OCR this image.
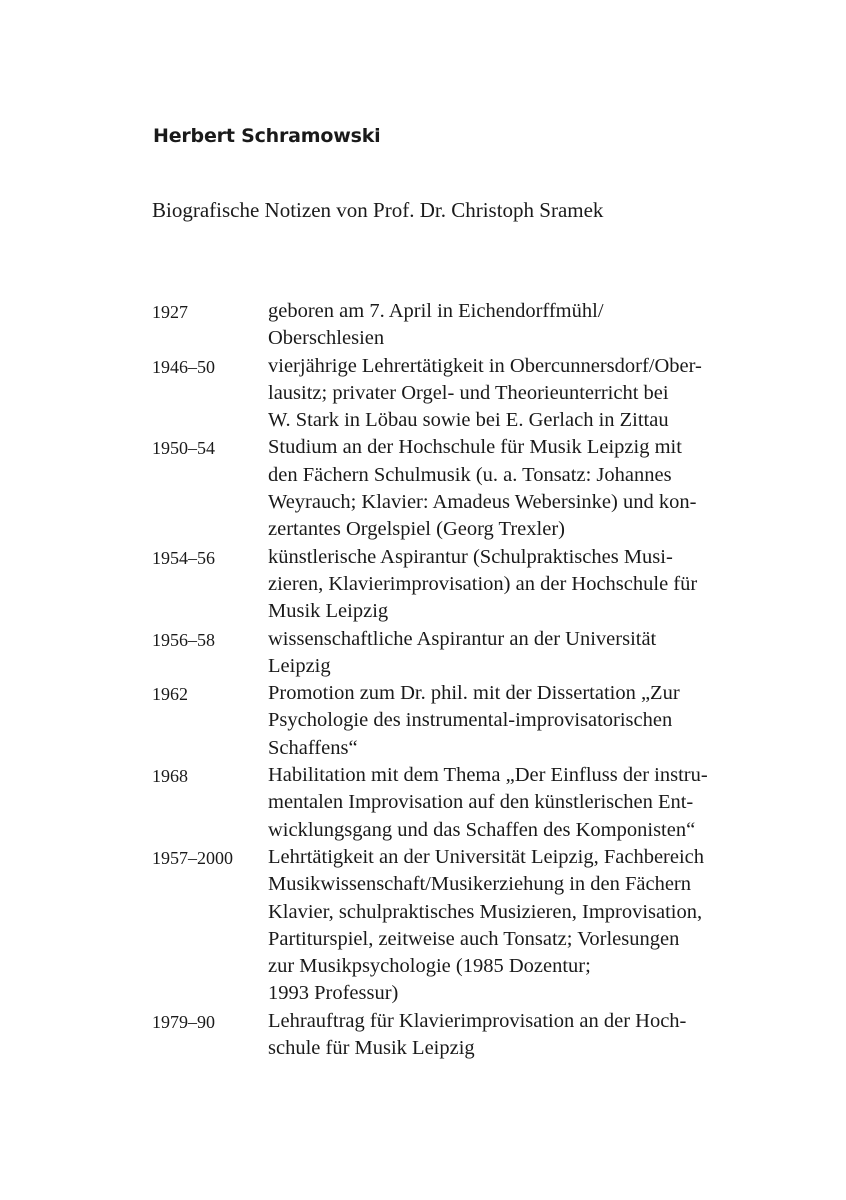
Herbert Schramowski

Biografische Notizen von Prof. Dr. Christoph Sramek

1927	geboren am 7. April in Eichendorffmühl/
Oberschlesien
1946–50	vierjährige Lehrertätigkeit in Obercunnersdorf/Ober-
lausitz; privater Orgel- und Theorieunterricht bei
W. Stark in Löbau sowie bei E. Gerlach in Zittau
1950–54	Studium an der Hochschule für Musik Leipzig mit
den Fächern Schulmusik (u. a. Tonsatz: Johannes
Weyrauch; Klavier: Amadeus Webersinke) und kon-
zertantes Orgelspiel (Georg Trexler)
1954–56	künstlerische Aspirantur (Schulpraktisches Musi-
zieren, Klavierimprovisation) an der Hochschule für
Musik Leipzig
1956–58	wissenschaftliche Aspirantur an der Universität
Leipzig
1962	Promotion zum Dr. phil. mit der Dissertation „Zur
Psychologie des instrumental-improvisatorischen
Schaffens“
1968	Habilitation mit dem Thema „Der Einfluss der instru-
mentalen Improvisation auf den künstlerischen Ent-
wicklungsgang und das Schaffen des Komponisten“
1957–2000	Lehrtätigkeit an der Universität Leipzig, Fachbereich
Musikwissenschaft/Musikerziehung in den Fächern
Klavier, schulpraktisches Musizieren, Improvisation,
Partiturspiel, zeitweise auch Tonsatz; Vorlesungen
zur Musikpsychologie (1985 Dozentur;
1993 Professur)
1979–90	Lehrauftrag für Klavierimprovisation an der Hoch-
schule für Musik Leipzig
